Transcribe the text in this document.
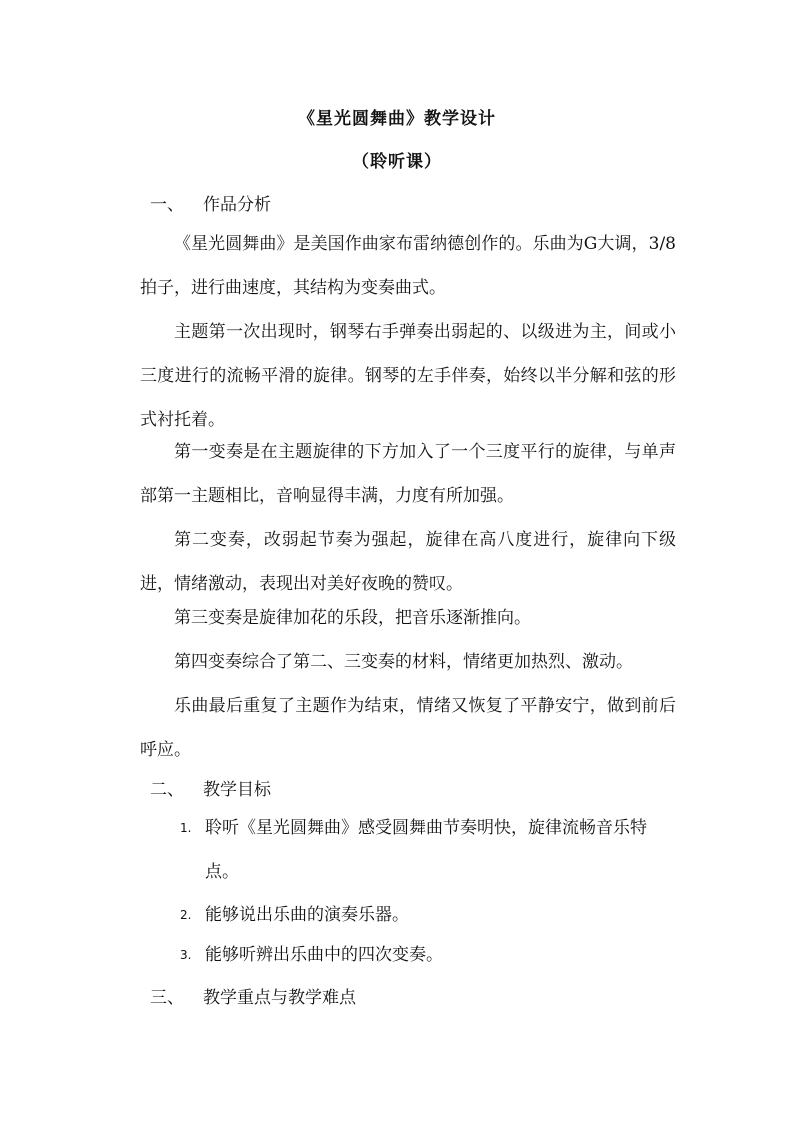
《星光圆舞曲》教学设计
（聆听课）
一、 作品分析

《星光圆舞曲》是美国作曲家布雷纳德创作的。乐曲为G大调，3/8拍子，进行曲速度，其结构为变奏曲式。

主题第一次出现时，钢琴右手弹奏出弱起的、以级进为主，间或小三度进行的流畅平滑的旋律。钢琴的左手伴奏，始终以半分解和弦的形式衬托着。

第一变奏是在主题旋律的下方加入了一个三度平行的旋律，与单声部第一主题相比，音响显得丰满，力度有所加强。

第二变奏，改弱起节奏为强起，旋律在高八度进行，旋律向下级进，情绪激动，表现出对美好夜晚的赞叹。

第三变奏是旋律加花的乐段，把音乐逐渐推向。

第四变奏综合了第二、三变奏的材料，情绪更加热烈、激动。

乐曲最后重复了主题作为结束，情绪又恢复了平静安宁，做到前后呼应。

二、 教学目标
1. 聆听《星光圆舞曲》感受圆舞曲节奏明快，旋律流畅音乐特点。
2. 能够说出乐曲的演奏乐器。
3. 能够听辨出乐曲中的四次变奏。
三、 教学重点与教学难点
